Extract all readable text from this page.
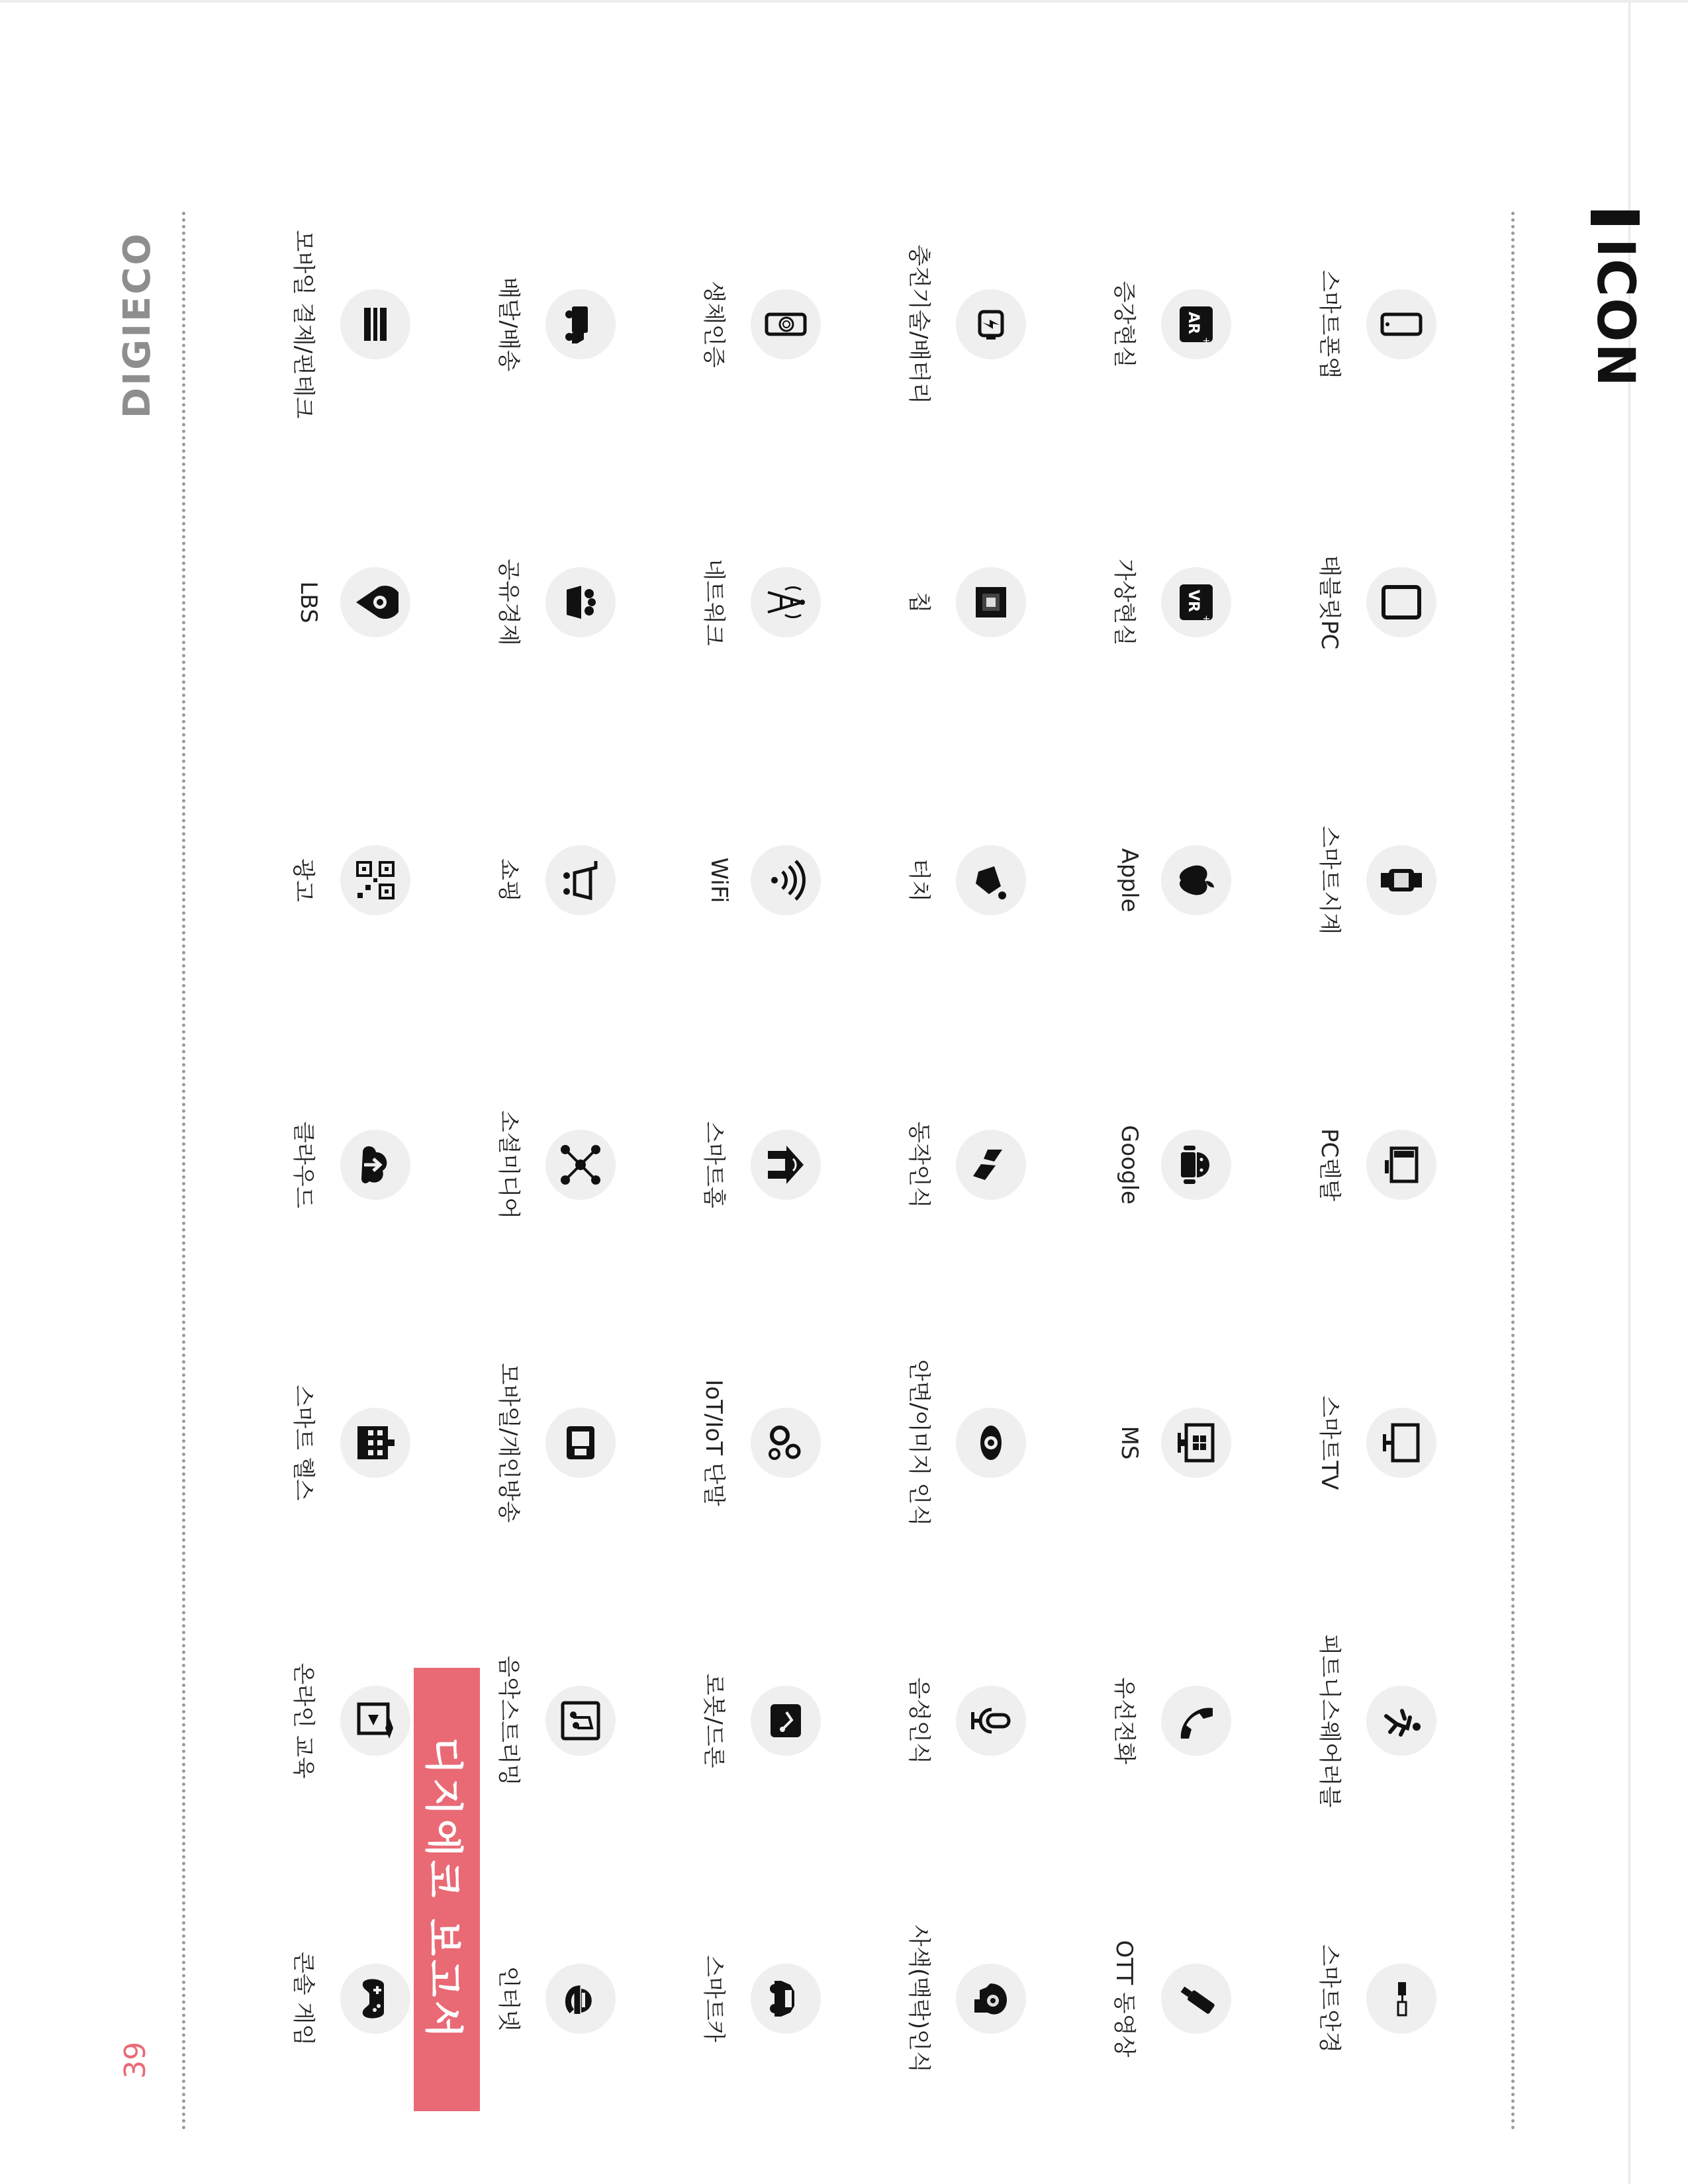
ICON
디지에코 보고서
스마트폰앱
태블릿PC
스마트시계
PC렌탈
스마트TV
피트니스웨어러블
스마트안경
AR
+
증강현실
VR
+
가상현실
Apple
Google
MS
유선전화
OTT 동영상
충전기술/배터리
칩
터치
동작인식
안면/이미지 인식
음성인식
사색(맥락)인식
생체인증
네트워크
WiFi
스마트홈
IoT/IoT 단말
로봇/드론
스마트카
배달/배송
공유경제
쇼핑
소셜미디어
모바일/개인방송
음악스트리밍
인터넷
모바일 결제/핀테크
LBS
광고
클라우드
스마트 헬스
온라인 교육
콘솔 게임
DIGIECO
39
